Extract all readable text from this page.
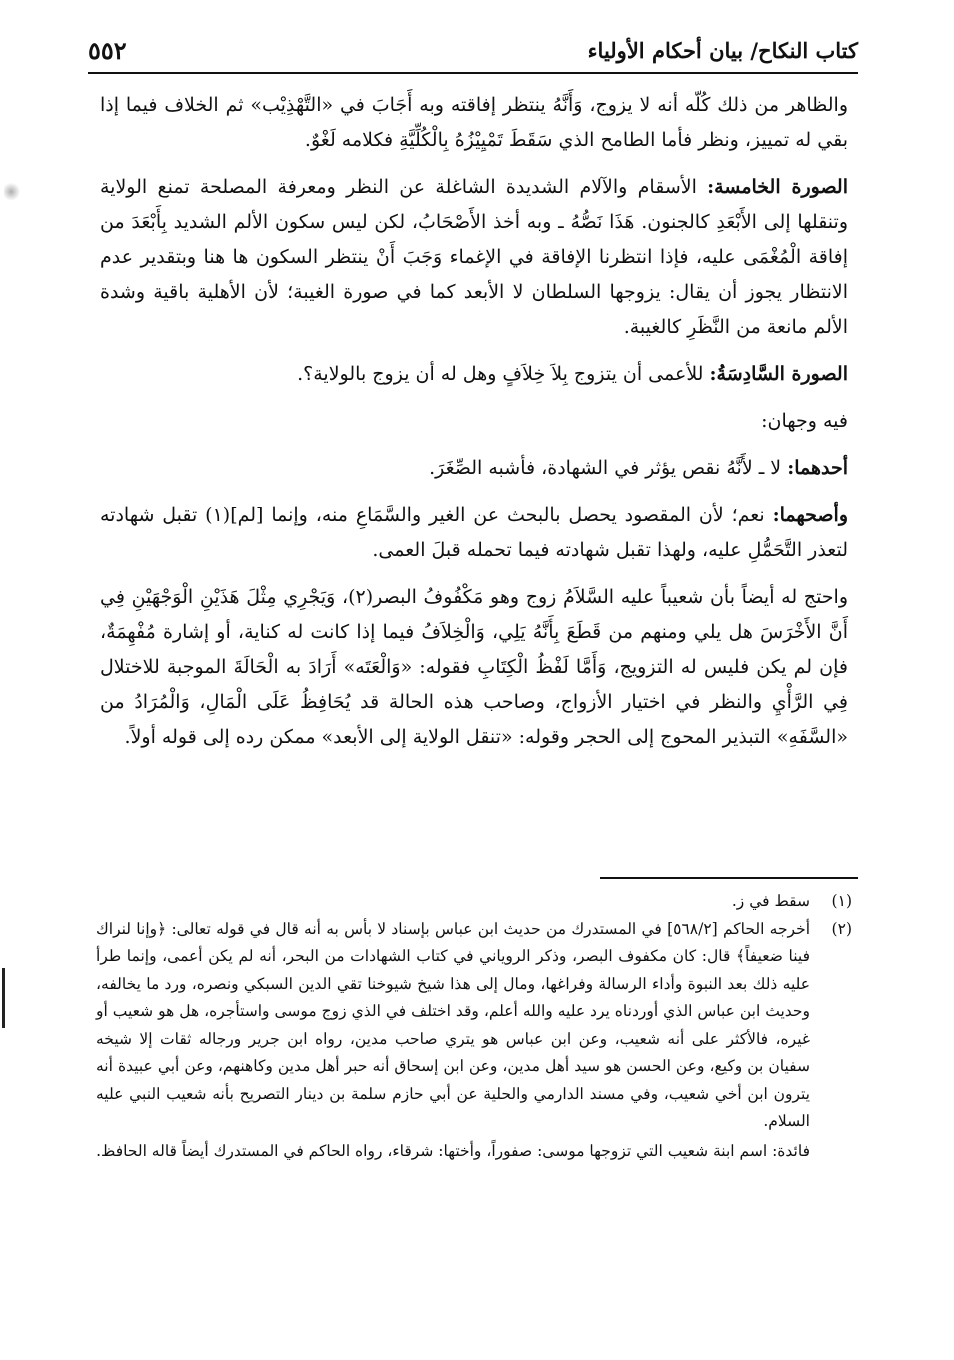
كتاب النكاح/ بيان أحكام الأولياء
٥٥٢

والظاهر من ذلك كُلّه أنه لا يزوج، وَأَنَّهُ ينتظر إفاقته وبه أَجَابَ في «التَّهْذِيْب» ثم الخلاف فيما إذا بقي له تمييز، ونظر فأما الطامح الذي سَقَطَ تَمْيِيْزُهُ بِالْكُلِّيَّةِ فكلامه لَغْوٌ.

الصورة الخامسة: الأسقام والآلام الشديدة الشاغلة عن النظر ومعرفة المصلحة تمنع الولاية وتنقلها إلى الأَبْعَدِ كالجنون. هَذَا نَصُّهُ ـ وبه أخذ الأَصْحَابُ، لكن ليس سكون الألم الشديد بِأَبْعَدَ من إفاقة الْمُغْمَى عليه، فإذا انتظرنا الإفاقة في الإغماء وَجَبَ أَنْ ينتظر السكون ها هنا وبتقدير عدم الانتظار يجوز أن يقال: يزوجها السلطان لا الأبعد كما في صورة الغيبة؛ لأن الأهلية باقية وشدة الألم مانعة من النَّظَرِ كالغيبة.

الصورة السَّادِسَةُ: للأعمى أن يتزوج بِلاَ خِلاَفٍ وهل له أن يزوج بالولاية؟.

فيه وجهان:

أحدهما: لا ـ لأَنَّهُ نقص يؤثر في الشهادة، فأشبه الصِّغَرَ.

وأصحهما: نعم؛ لأن المقصود يحصل بالبحث عن الغير والسَّمَاعِ منه، وإنما [لم](١) تقبل شهادته لتعذر التَّحَمُّلِ عليه، ولهذا تقبل شهادته فيما تحمله قبلَ العمى.

واحتج له أيضاً بأن شعيباً عليه السَّلاَمُ زوج وهو مَكْفُوفُ البصر(٢)، وَيَجْرِي مِثْلَ هَذَيْنِ الْوَجْهَيْنِ فِي أَنَّ الأَخْرَسَ هل يلي ومنهم من قَطَعَ بِأَنَّهُ يَلِي، وَالْخِلاَفُ فيما إذا كانت له كناية، أو إشارة مُفْهِمَةٌ، فإن لم يكن فليس له التزويج، وَأَمَّا لَفْظُ الْكِتَابِ فقوله: «وَالْعَتَه» أَرَادَ به الْحَالَةَ الموجبة للاختلال فِي الرَّأْيِ والنظر في اختيار الأزواج، وصاحب هذه الحالة قد يُحَافِظُ عَلَى الْمَالِ، وَالْمُرَادُ من «السَّفَهِ» التبذير المحوج إلى الحجر وقوله: «تنقل الولاية إلى الأبعد» ممكن رده إلى قوله أولاً.

(١)
سقط في ز.
(٢)
أخرجه الحاكم [٥٦٨/٢] في المستدرك من حديث ابن عباس بإسناد لا بأس به أنه قال في قوله تعالى: ﴿وإنا لنراك فينا ضعيفاً﴾ قال: كان مكفوف البصر، وذكر الروياني في كتاب الشهادات من البحر، أنه لم يكن أعمى، وإنما طرأ عليه ذلك بعد النبوة وأداء الرسالة وفراغها، ومال إلى هذا شيخ شيوخنا تقي الدين السبكي ونصره، ورد ما يخالفه، وحديث ابن عباس الذي أوردناه يرد عليه والله أعلم، وقد اختلف في الذي زوج موسى واستأجره، هل هو شعيب أو غيره، فالأكثر على أنه شعيب، وعن ابن عباس هو يتري صاحب مدين، رواه ابن جرير ورجاله ثقات إلا شيخه سفيان بن وكيع، وعن الحسن هو سيد أهل مدين، وعن ابن إسحاق أنه حبر أهل مدين وكاهنهم، وعن أبي عبيدة أنه يترون ابن أخي شعيب، وفي مسند الدارمي والحلية عن أبي حازم سلمة بن دينار التصريح بأنه شعيب النبي عليه السلام.
فائدة: اسم ابنة شعيب التي تزوجها موسى: صفوراً، وأختها: شرقاء، رواه الحاكم في المستدرك أيضاً قاله الحافظ.
